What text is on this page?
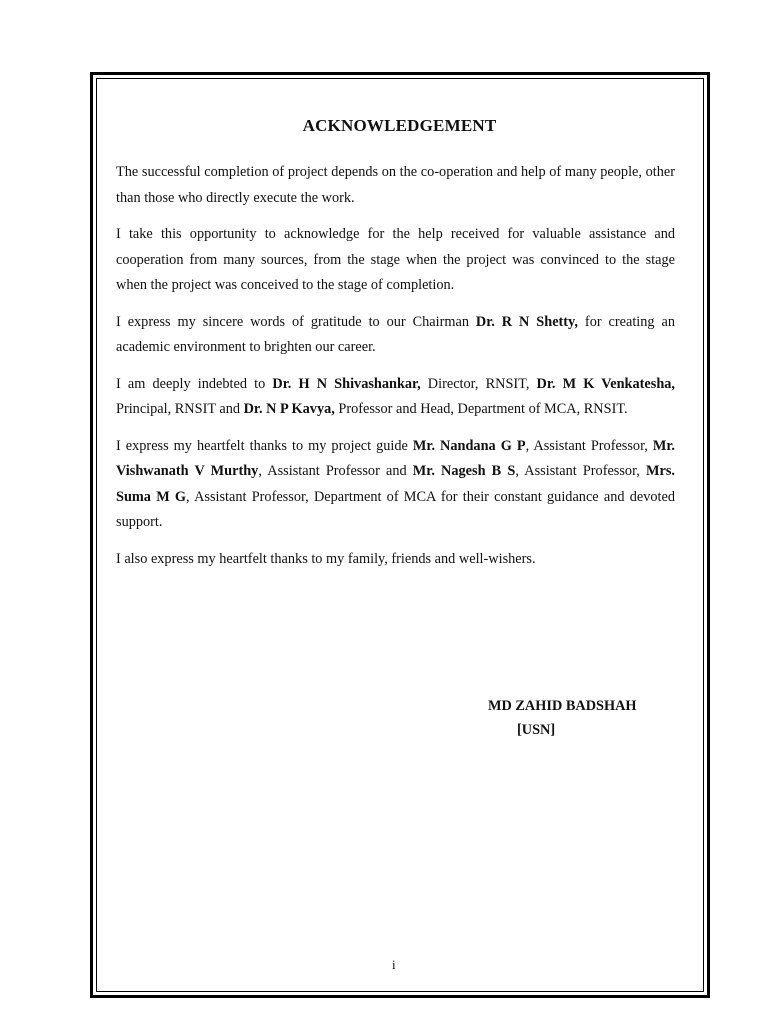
ACKNOWLEDGEMENT

The successful completion of project depends on the co-operation and help of many people, other than those who directly execute the work.

I take this opportunity to acknowledge for the help received for valuable assistance and cooperation from many sources, from the stage when the project was convinced to the stage when the project was conceived to the stage of completion.

I express my sincere words of gratitude to our Chairman Dr. R N Shetty, for creating an academic environment to brighten our career.

I am deeply indebted to Dr. H N Shivashankar, Director, RNSIT, Dr. M K Venkatesha, Principal, RNSIT and Dr. N P Kavya, Professor and Head, Department of MCA, RNSIT.

I express my heartfelt thanks to my project guide Mr. Nandana G P, Assistant Professor, Mr. Vishwanath V Murthy, Assistant Professor and Mr. Nagesh B S, Assistant Professor, Mrs. Suma M G, Assistant Professor, Department of MCA for their constant guidance and devoted support.

I also express my heartfelt thanks to my family, friends and well-wishers.

MD ZAHID BADSHAH
[USN]
i
